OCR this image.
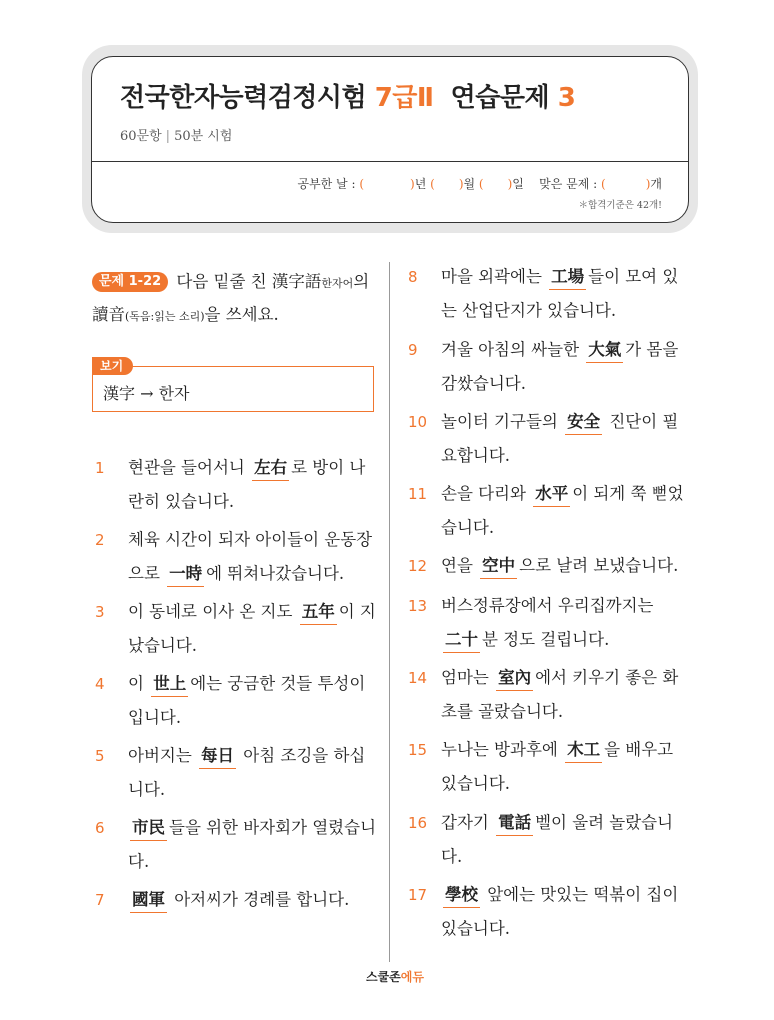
전국한자능력검정시험 7급Ⅱ  연습문제 3
60문항 | 50분 시험
공부한 날 : (	)년 ( )월 ( )일 맞은 문제 : (	)개
＊합격기준은 42개!
문제 1-22 다음 밑줄 친 漢字語한자어의 讀音(독음:읽는 소리)을 쓰세요.
보기
漢字 → 한자
1 현관을 들어서니 左右 로 방이 나란히 있습니다.
2 체육 시간이 되자 아이들이 운동장으로 一時 에 뛰쳐나갔습니다.
3 이 동네로 이사 온 지도 五年 이 지났습니다.
4 이 世上 에는 궁금한 것들 투성이입니다.
5 아버지는 每日 아침 조깅을 하십니다.
6 市民 들을 위한 바자회가 열렸습니다.
7 國軍 아저씨가 경례를 합니다.
8 마을 외곽에는 工場 들이 모여 있는 산업단지가 있습니다.
9 겨울 아침의 싸늘한 大氣 가 몸을 감쌌습니다.
10 놀이터 기구들의 安全 진단이 필요합니다.
11 손을 다리와 水平 이 되게 쭉 뻗었습니다.
12 연을 空中 으로 날려 보냈습니다.
13 버스정류장에서 우리집까지는 二十 분 정도 걸립니다.
14 엄마는 室內 에서 키우기 좋은 화초를 골랐습니다.
15 누나는 방과후에 木工 을 배우고 있습니다.
16 갑자기 電話 벨이 울려 놀랐습니다.
17 學校 앞에는 맛있는 떡볶이 집이 있습니다.
스쿨존에듀
